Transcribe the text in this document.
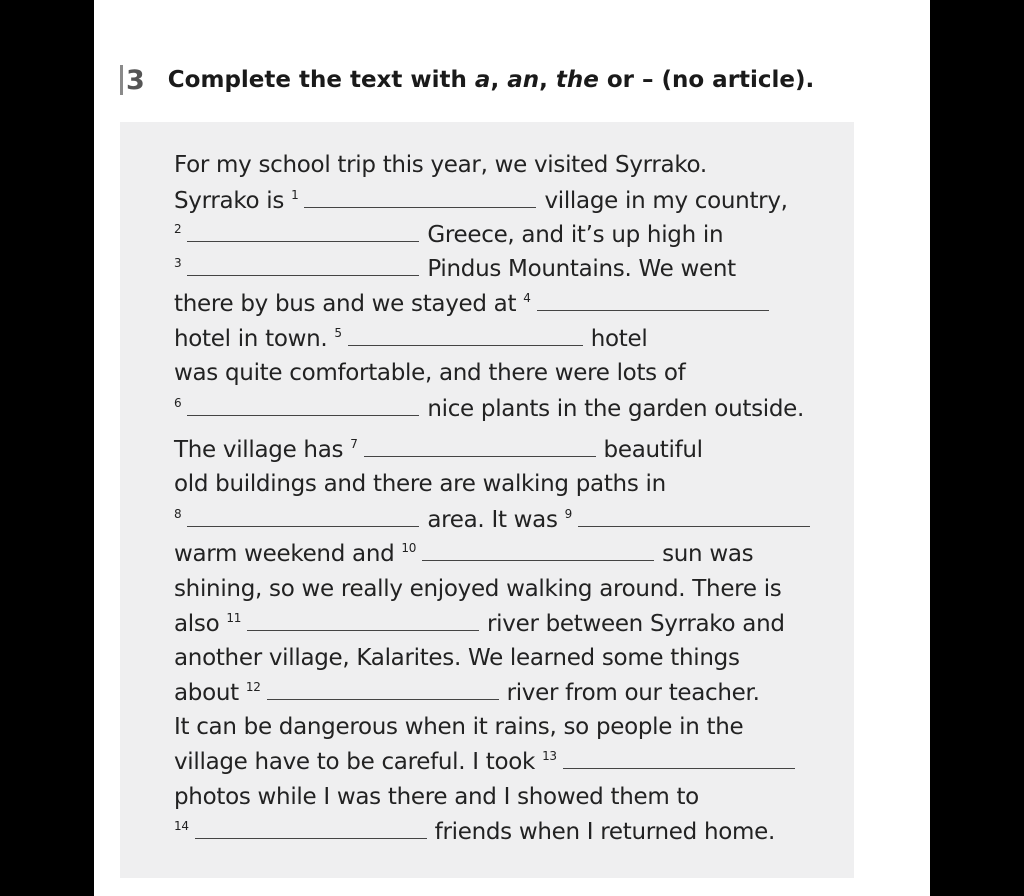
3 Complete the text with a, an, the or – (no article).
For my school trip this year, we visited Syrrako.
Syrrako is 1	village in my country,
2	Greece, and it’s up high in
3	Pindus Mountains. We went
there by bus and we stayed at 4
hotel in town. 5	hotel
was quite comfortable, and there were lots of
6	nice plants in the garden outside.
The village has 7	beautiful
old buildings and there are walking paths in
8	area. It was 9
warm weekend and 10	sun was
shining, so we really enjoyed walking around. There is
also 11	river between Syrrako and
another village, Kalarites. We learned some things
about 12	river from our teacher.
It can be dangerous when it rains, so people in the
village have to be careful. I took 13
photos while I was there and I showed them to
14	friends when I returned home.
